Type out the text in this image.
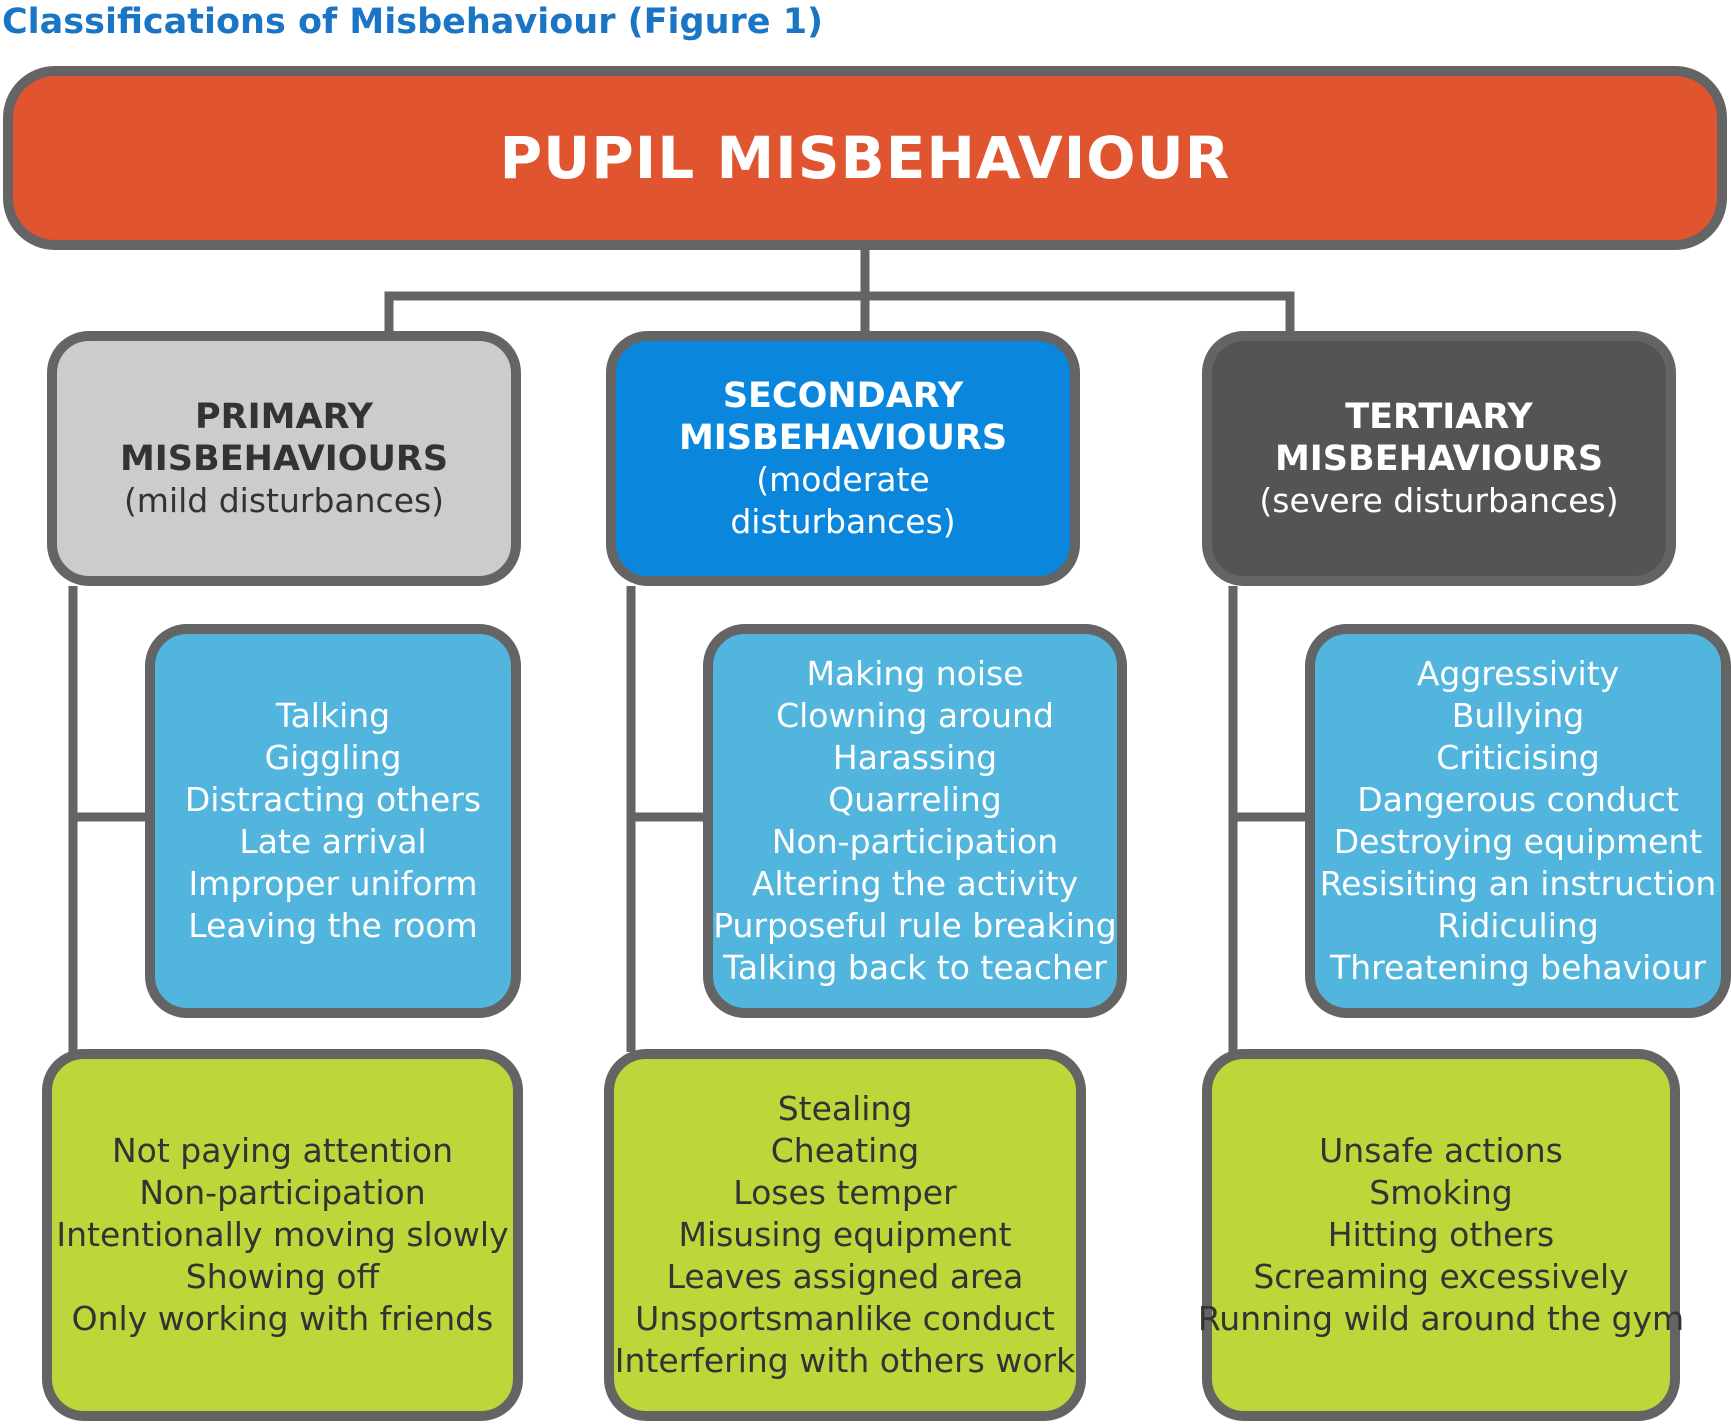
Classifications of Misbehaviour (Figure 1)
PUPIL MISBEHAVIOUR
PRIMARY
MISBEHAVIOURS
(mild disturbances)
SECONDARY
MISBEHAVIOURS
(moderate
disturbances)
TERTIARY
MISBEHAVIOURS
(severe disturbances)
Talking
Giggling
Distracting others
Late arrival
Improper uniform
Leaving the room
Making noise
Clowning around
Harassing
Quarreling
Non-participation
Altering the activity
Purposeful rule breaking
Talking back to teacher
Aggressivity
Bullying
Criticising
Dangerous conduct
Destroying equipment
Resisiting an instruction
Ridiculing
Threatening behaviour
Not paying attention
Non-participation
Intentionally moving slowly
Showing off
Only working with friends
Stealing
Cheating
Loses temper
Misusing equipment
Leaves assigned area
Unsportsmanlike conduct
Interfering with others work
Unsafe actions
Smoking
Hitting others
Screaming excessively
Running wild around the gym
